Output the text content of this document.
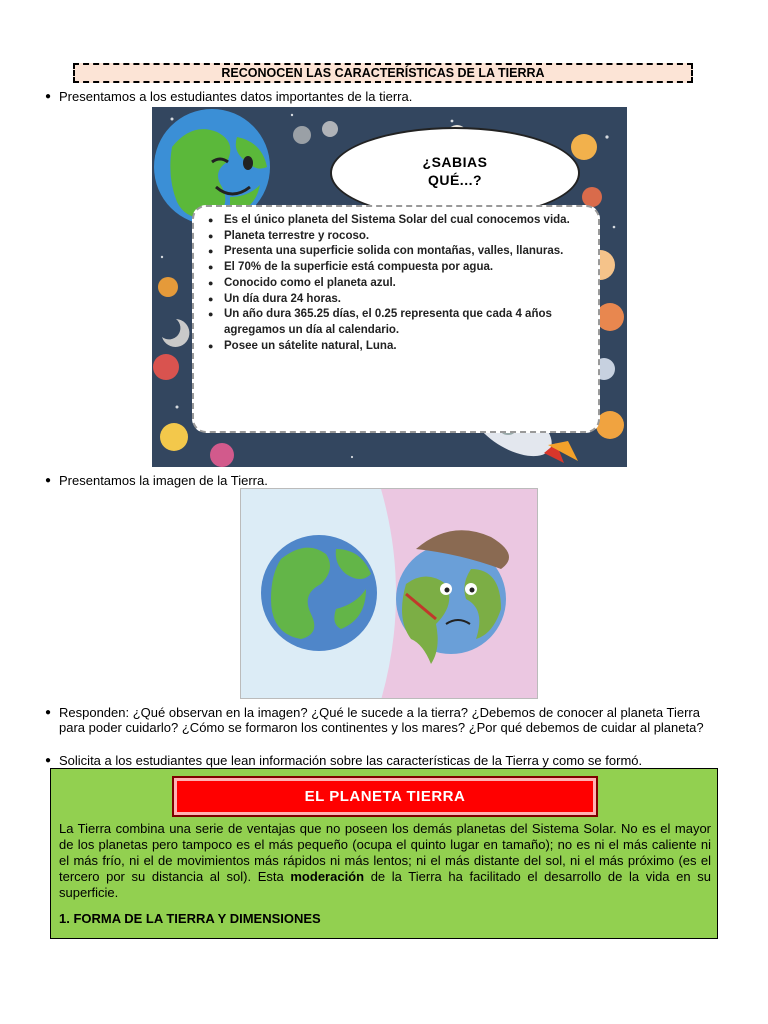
RECONOCEN LAS CARACTERÍSTICAS DE LA TIERRA
● Presentamos a los estudiantes datos importantes de la tierra.
¿SABIAS
QUÉ...?
● Es el único planeta del Sistema Solar del cual conocemos vida.
● Planeta terrestre y rocoso.
● Presenta una superficie solida con montañas, valles, llanuras.
● El 70% de la superficie está compuesta por agua.
● Conocido como el planeta azul.
● Un día dura 24 horas.
● Un año dura 365.25 días, el 0.25 representa que cada 4 años agregamos un día al calendario.
● Posee un sátelite natural, Luna.
● Presentamos la imagen de la Tierra.
● Responden: ¿Qué observan en la imagen? ¿Qué le sucede a la tierra? ¿Debemos de conocer al planeta Tierra para poder cuidarlo? ¿Cómo se formaron los continentes y los mares? ¿Por qué debemos de cuidar al planeta?
● Solicita a los estudiantes que lean información sobre las características de la Tierra y como se formó.
EL PLANETA TIERRA
La Tierra combina una serie de ventajas que no poseen los demás planetas del Sistema Solar. No es el mayor de los planetas pero tampoco es el más pequeño (ocupa el quinto lugar en tamaño); no es ni el más caliente ni el más frío, ni el de movimientos más rápidos ni más lentos; ni el más distante del sol, ni el más próximo (es el tercero por su distancia al sol). Esta moderación de la Tierra ha facilitado el desarrollo de la vida en su superficie.
1. FORMA DE LA TIERRA Y DIMENSIONES
